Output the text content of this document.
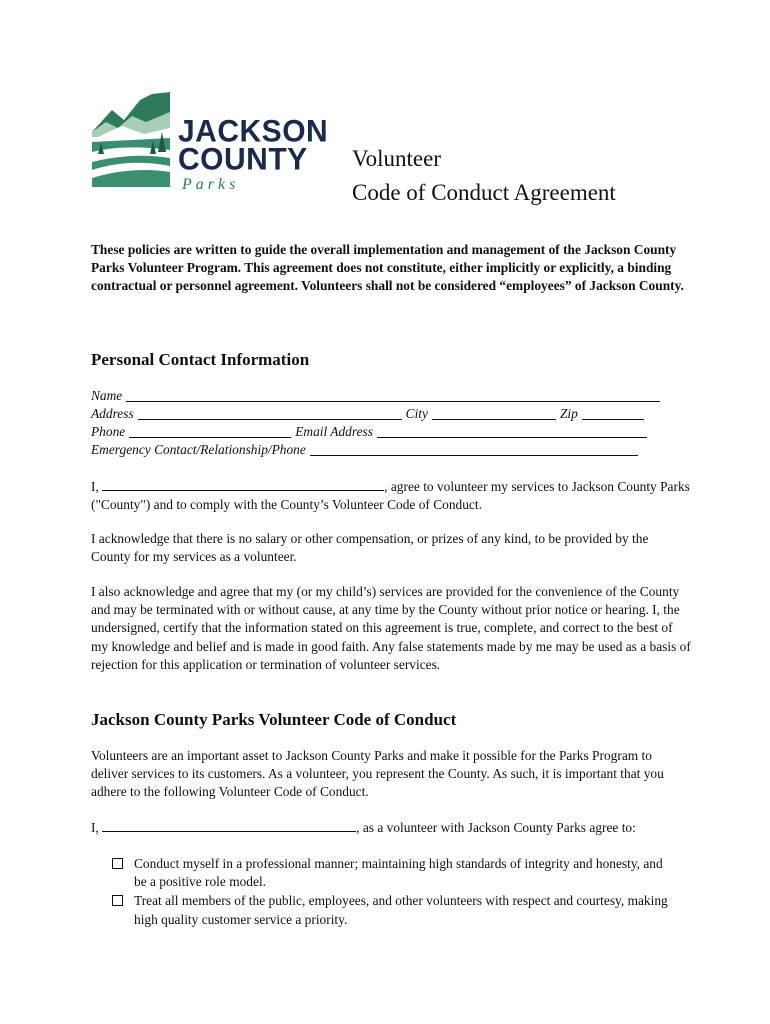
JACKSON
COUNTY
Parks
Volunteer
Code of Conduct Agreement
These policies are written to guide the overall implementation and management of the Jackson County Parks Volunteer Program. This agreement does not constitute, either implicitly or explicitly, a binding contractual or personnel agreement. Volunteers shall not be considered “employees” of Jackson County.
Personal Contact Information
Name
Address	City	Zip
Phone	Email Address
Emergency Contact/Relationship/Phone

I,	, agree to volunteer my services to Jackson County Parks ("County") and to comply with the County’s Volunteer Code of Conduct.

I acknowledge that there is no salary or other compensation, or prizes of any kind, to be provided by the County for my services as a volunteer.

I also acknowledge and agree that my (or my child’s) services are provided for the convenience of the County and may be terminated with or without cause, at any time by the County without prior notice or hearing. I, the undersigned, certify that the information stated on this agreement is true, complete, and correct to the best of my knowledge and belief and is made in good faith. Any false statements made by me may be used as a basis of rejection for this application or termination of volunteer services.

Jackson County Parks Volunteer Code of Conduct

Volunteers are an important asset to Jackson County Parks and make it possible for the Parks Program to deliver services to its customers. As a volunteer, you represent the County. As such, it is important that you adhere to the following Volunteer Code of Conduct.

I,	, as a volunteer with Jackson County Parks agree to:

Conduct myself in a professional manner; maintaining high standards of integrity and honesty, and be a positive role model.
Treat all members of the public, employees, and other volunteers with respect and courtesy, making high quality customer service a priority.
